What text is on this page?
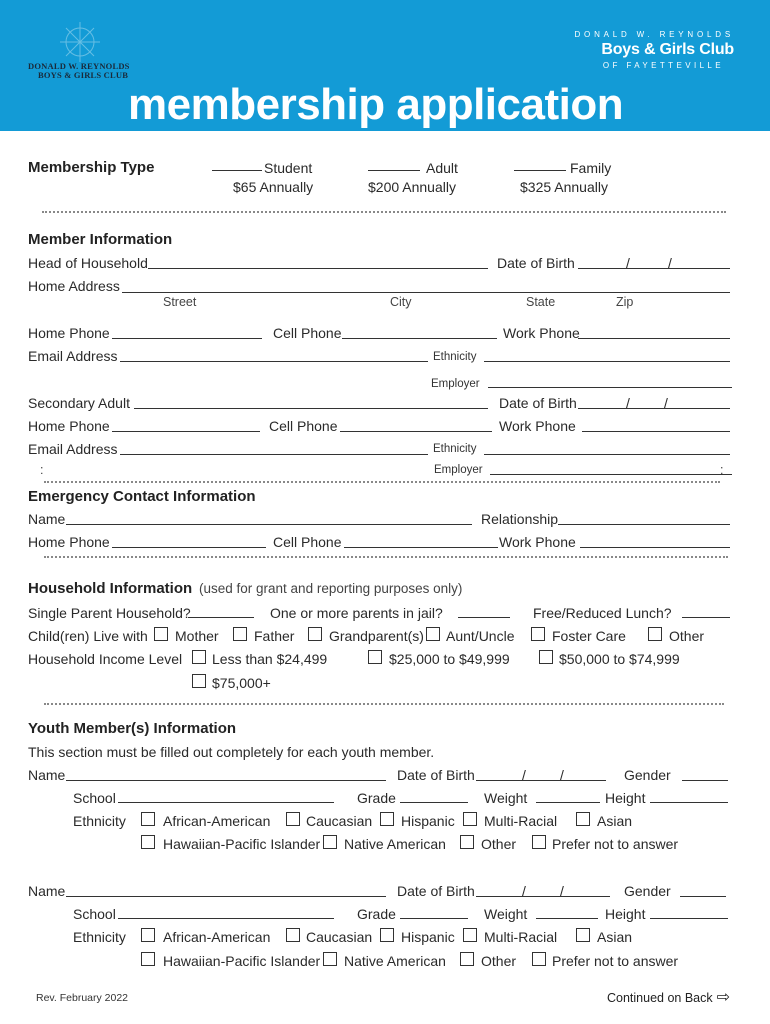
DONALD W. REYNOLDS
BOYS & GIRLS CLUB
DONALD W. REYNOLDS
Boys & Girls Club
OF FAYETTEVILLE
membership application
Membership Type	Student
$65 Annually
Adult
$200 Annually
Family
$325 Annually
Member Information
Head of Household	Date of Birth	/	/
Home Address
Street	City	State	Zip
Home Phone	Cell Phone	Work Phone
Email Address	Ethnicity
Employer
Secondary Adult	Date of Birth	/ /
Home Phone	Cell Phone	Work Phone
Email Address	Ethnicity
:	Employer	:
Emergency Contact Information
Name	Relationship
Home Phone	Cell Phone	Work Phone
Household Information (used for grant and reporting purposes only)
Single Parent Household?	One or more parents in jail?	Free/Reduced Lunch?
Child(ren) Live with Mother	Father Grandparent(s) Aunt/Uncle	Foster Care	Other
Household Income Level Less than $24,499	$25,000 to $49,999	$50,000 to $74,999
$75,000+
Youth Member(s) Information
This section must be filled out completely for each youth member.
Name	Date of Birth	/ /	Gender
School	Grade	Weight	Height
Ethnicity	African-American	Caucasian Hispanic Multi-Racial	Asian
Hawaiian-Pacific Islander Native American	Other	Prefer not to answer
Name	Date of Birth	/ /	Gender
School	Grade	Weight	Height
Ethnicity	African-American	Caucasian Hispanic Multi-Racial	Asian
Hawaiian-Pacific Islander Native American	Other	Prefer not to answer
Rev. February 2022	Continued on Back ⇨
